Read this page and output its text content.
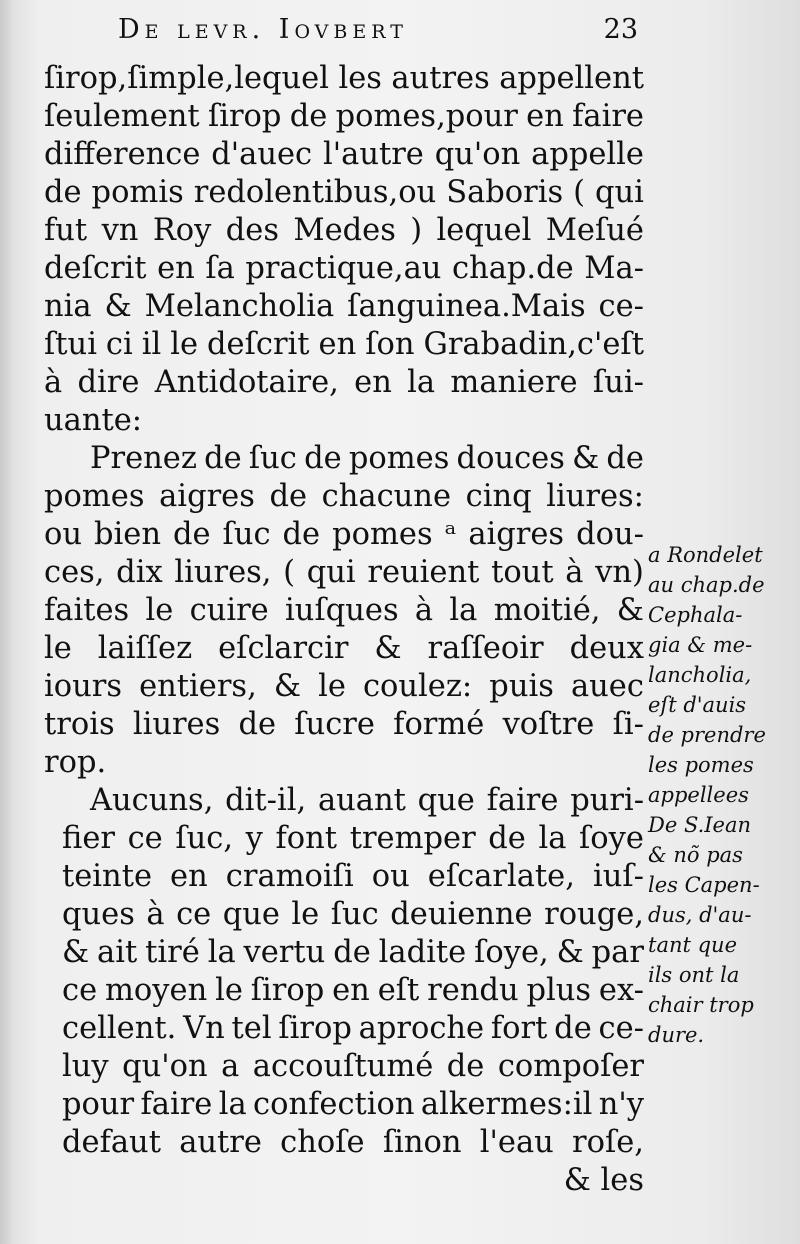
De levr. Iovbert	23
ſirop,ſimple,lequel les autres appellent
ſeulement ſirop de pomes,pour en faire
difference d'auec l'autre qu'on appelle
de pomis redolentibus,ou Saboris ( qui
fut vn Roy des Medes ) lequel Meſué
deſcrit en ſa practique,au chap.de Ma-
nia & Melancholia ſanguinea.Mais ce-
ſtui ci il le deſcrit en ſon Grabadin,c'eſt
à dire Antidotaire, en la maniere ſui-
uante:
Prenez de ſuc de pomes douces & de
pomes aigres de chacune cinq liures:
ou bien de ſuc de pomes ᵃ aigres dou-
ces, dix liures, ( qui reuient tout à vn)
faites le cuire iuſques à la moitié, &
le laiſſez eſclarcir & raſſeoir deux
iours entiers, & le coulez: puis auec
trois liures de ſucre formé voſtre ſi-
rop.
Aucuns, dit-il, auant que faire puri-
fier ce ſuc, y font tremper de la ſoye
teinte en cramoiſi ou eſcarlate, iuſ-
ques à ce que le ſuc deuienne rouge,
& ait tiré la vertu de ladite ſoye, & par
ce moyen le ſirop en eſt rendu plus ex-
cellent. Vn tel ſirop aproche fort de ce-
luy qu'on a accouſtumé de compoſer
pour faire la confection alkermes:il n'y
defaut autre choſe ſinon l'eau roſe,
& les
a Rondelet
au chap.de
Cephala-
gia & me-
lancholia,
eſt d'auis
de prendre
les pomes
appellees
De S.Iean
& nõ pas
les Capen-
dus, d'au-
tant que
ils ont la
chair trop
dure.
